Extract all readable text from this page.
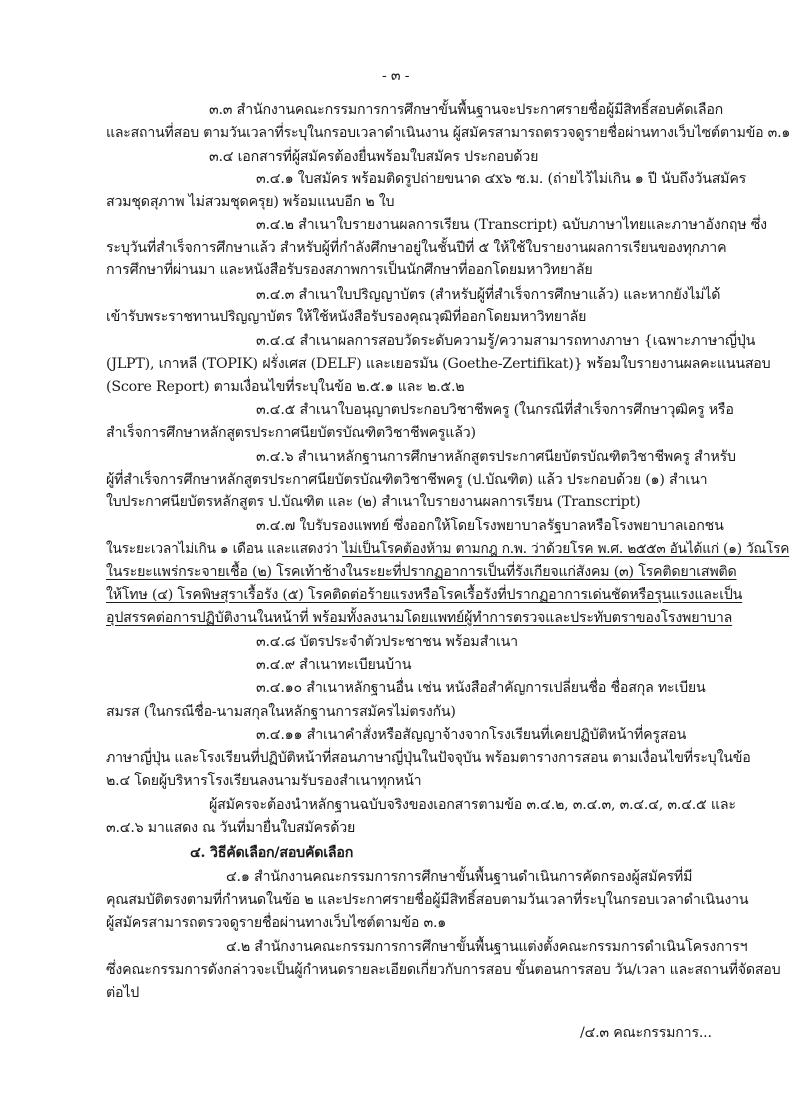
- ๓ -
๓.๓ สำนักงานคณะกรรมการการศึกษาขั้นพื้นฐานจะประกาศรายชื่อผู้มีสิทธิ์สอบคัดเลือก
และสถานที่สอบ ตามวันเวลาที่ระบุในกรอบเวลาดำเนินงาน ผู้สมัครสามารถตรวจดูรายชื่อผ่านทางเว็บไซต์ตามข้อ ๓.๑
๓.๔ เอกสารที่ผู้สมัครต้องยื่นพร้อมใบสมัคร ประกอบด้วย
๓.๔.๑ ใบสมัคร พร้อมติดรูปถ่ายขนาด ๔x๖ ซ.ม. (ถ่ายไว้ไม่เกิน ๑ ปี นับถึงวันสมัคร
สวมชุดสุภาพ ไม่สวมชุดครุย) พร้อมแนบอีก ๒ ใบ
๓.๔.๒ สำเนาใบรายงานผลการเรียน (Transcript) ฉบับภาษาไทยและภาษาอังกฤษ ซึ่ง
ระบุวันที่สำเร็จการศึกษาแล้ว สำหรับผู้ที่กำลังศึกษาอยู่ในชั้นปีที่ ๕ ให้ใช้ใบรายงานผลการเรียนของทุกภาค
การศึกษาที่ผ่านมา และหนังสือรับรองสภาพการเป็นนักศึกษาที่ออกโดยมหาวิทยาลัย
๓.๔.๓ สำเนาใบปริญญาบัตร (สำหรับผู้ที่สำเร็จการศึกษาแล้ว) และหากยังไม่ได้
เข้ารับพระราชทานปริญญาบัตร ให้ใช้หนังสือรับรองคุณวุฒิที่ออกโดยมหาวิทยาลัย
๓.๔.๔ สำเนาผลการสอบวัดระดับความรู้/ความสามารถทางภาษา {เฉพาะภาษาญี่ปุ่น
(JLPT), เกาหลี (TOPIK) ฝรั่งเศส (DELF) และเยอรมัน (Goethe-Zertifikat)} พร้อมใบรายงานผลคะแนนสอบ
(Score Report) ตามเงื่อนไขที่ระบุในข้อ ๒.๕.๑ และ ๒.๕.๒
๓.๔.๕ สำเนาใบอนุญาตประกอบวิชาชีพครู (ในกรณีที่สำเร็จการศึกษาวุฒิครู หรือ
สำเร็จการศึกษาหลักสูตรประกาศนียบัตรบัณฑิตวิชาชีพครูแล้ว)
๓.๔.๖ สำเนาหลักฐานการศึกษาหลักสูตรประกาศนียบัตรบัณฑิตวิชาชีพครู สำหรับ
ผู้ที่สำเร็จการศึกษาหลักสูตรประกาศนียบัตรบัณฑิตวิชาชีพครู (ป.บัณฑิต) แล้ว ประกอบด้วย (๑) สำเนา
ใบประกาศนียบัตรหลักสูตร ป.บัณฑิต และ (๒) สำเนาใบรายงานผลการเรียน (Transcript)
๓.๔.๗ ใบรับรองแพทย์ ซึ่งออกให้โดยโรงพยาบาลรัฐบาลหรือโรงพยาบาลเอกชน
ในระยะเวลาไม่เกิน ๑ เดือน และแสดงว่า ไม่เป็นโรคต้องห้าม ตามกฎ ก.พ. ว่าด้วยโรค พ.ศ. ๒๕๕๓ อันได้แก่ (๑) วัณโรค
ในระยะแพร่กระจายเชื้อ (๒) โรคเท้าช้างในระยะที่ปรากฏอาการเป็นที่รังเกียจแก่สังคม (๓) โรคติดยาเสพติด
ให้โทษ (๔) โรคพิษสุราเรื้อรัง (๕) โรคติดต่อร้ายแรงหรือโรคเรื้อรังที่ปรากฏอาการเด่นชัดหรือรุนแรงและเป็น
อุปสรรคต่อการปฏิบัติงานในหน้าที่ พร้อมทั้งลงนามโดยแพทย์ผู้ทำการตรวจและประทับตราของโรงพยาบาล
๓.๔.๘ บัตรประจำตัวประชาชน พร้อมสำเนา
๓.๔.๙ สำเนาทะเบียนบ้าน
๓.๔.๑๐ สำเนาหลักฐานอื่น เช่น หนังสือสำคัญการเปลี่ยนชื่อ ชื่อสกุล ทะเบียน
สมรส (ในกรณีชื่อ-นามสกุลในหลักฐานการสมัครไม่ตรงกัน)
๓.๔.๑๑ สำเนาคำสั่งหรือสัญญาจ้างจากโรงเรียนที่เคยปฏิบัติหน้าที่ครูสอน
ภาษาญี่ปุ่น และโรงเรียนที่ปฏิบัติหน้าที่สอนภาษาญี่ปุ่นในปัจจุบัน พร้อมตารางการสอน ตามเงื่อนไขที่ระบุในข้อ
๒.๔ โดยผู้บริหารโรงเรียนลงนามรับรองสำเนาทุกหน้า
ผู้สมัครจะต้องนำหลักฐานฉบับจริงของเอกสารตามข้อ ๓.๔.๒, ๓.๔.๓, ๓.๔.๔, ๓.๔.๕ และ
๓.๔.๖ มาแสดง ณ วันที่มายื่นใบสมัครด้วย
๔. วิธีคัดเลือก/สอบคัดเลือก
๔.๑ สำนักงานคณะกรรมการการศึกษาขั้นพื้นฐานดำเนินการคัดกรองผู้สมัครที่มี
คุณสมบัติตรงตามที่กำหนดในข้อ ๒ และประกาศรายชื่อผู้มีสิทธิ์สอบตามวันเวลาที่ระบุในกรอบเวลาดำเนินงาน
ผู้สมัครสามารถตรวจดูรายชื่อผ่านทางเว็บไซต์ตามข้อ ๓.๑
๔.๒ สำนักงานคณะกรรมการการศึกษาขั้นพื้นฐานแต่งตั้งคณะกรรมการดำเนินโครงการฯ
ซึ่งคณะกรรมการดังกล่าวจะเป็นผู้กำหนดรายละเอียดเกี่ยวกับการสอบ ขั้นตอนการสอบ วัน/เวลา และสถานที่จัดสอบ
ต่อไป
/๔.๓ คณะกรรมการ...
